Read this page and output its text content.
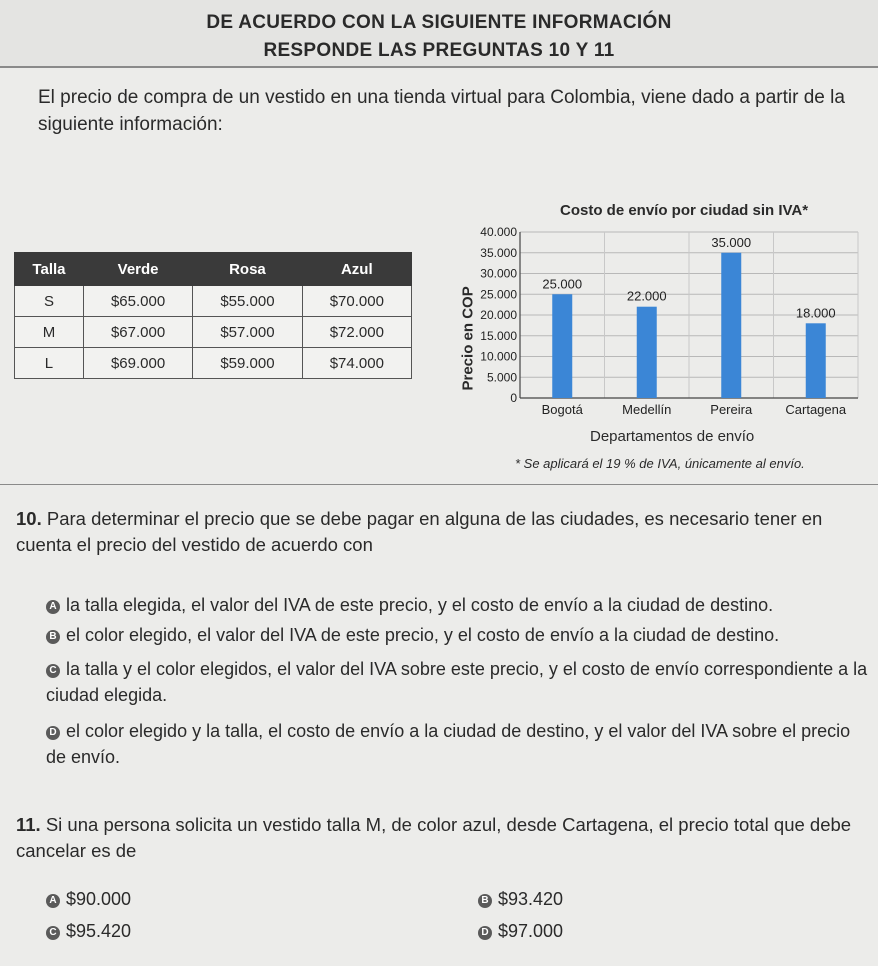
DE ACUERDO CON LA SIGUIENTE INFORMACIÓN
RESPONDE LAS PREGUNTAS 10 Y 11
El precio de compra de un vestido en una tienda virtual para Colombia, viene dado a partir de la siguiente información:
Talla	Verde	Rosa	Azul
S	$65.000	$55.000	$70.000
M	$67.000	$57.000	$72.000
L	$69.000	$59.000	$74.000
Costo de envío por ciudad sin IVA*
Precio en COP
0
5.000
10.000
15.000
20.000
25.000
30.000
35.000
40.000
25.000
Bogotá
22.000
Medellín
35.000
Pereira
18.000
Cartagena
Departamentos de envío
* Se aplicará el 19 % de IVA, únicamente al envío.
10. Para determinar el precio que se debe pagar en alguna de las ciudades, es necesario tener en cuenta el precio del vestido de acuerdo con
A la talla elegida, el valor del IVA de este precio, y el costo de envío a la ciudad de destino.
B el color elegido, el valor del IVA de este precio, y el costo de envío a la ciudad de destino.
C la talla y el color elegidos, el valor del IVA sobre este precio, y el costo de envío correspondiente a la ciudad elegida.
D el color elegido y la talla, el costo de envío a la ciudad de destino, y el valor del IVA sobre el precio de envío.
11. Si una persona solicita un vestido talla M, de color azul, desde Cartagena, el precio total que debe cancelar es de
A $90.000	B $93.420
C $95.420	D $97.000
